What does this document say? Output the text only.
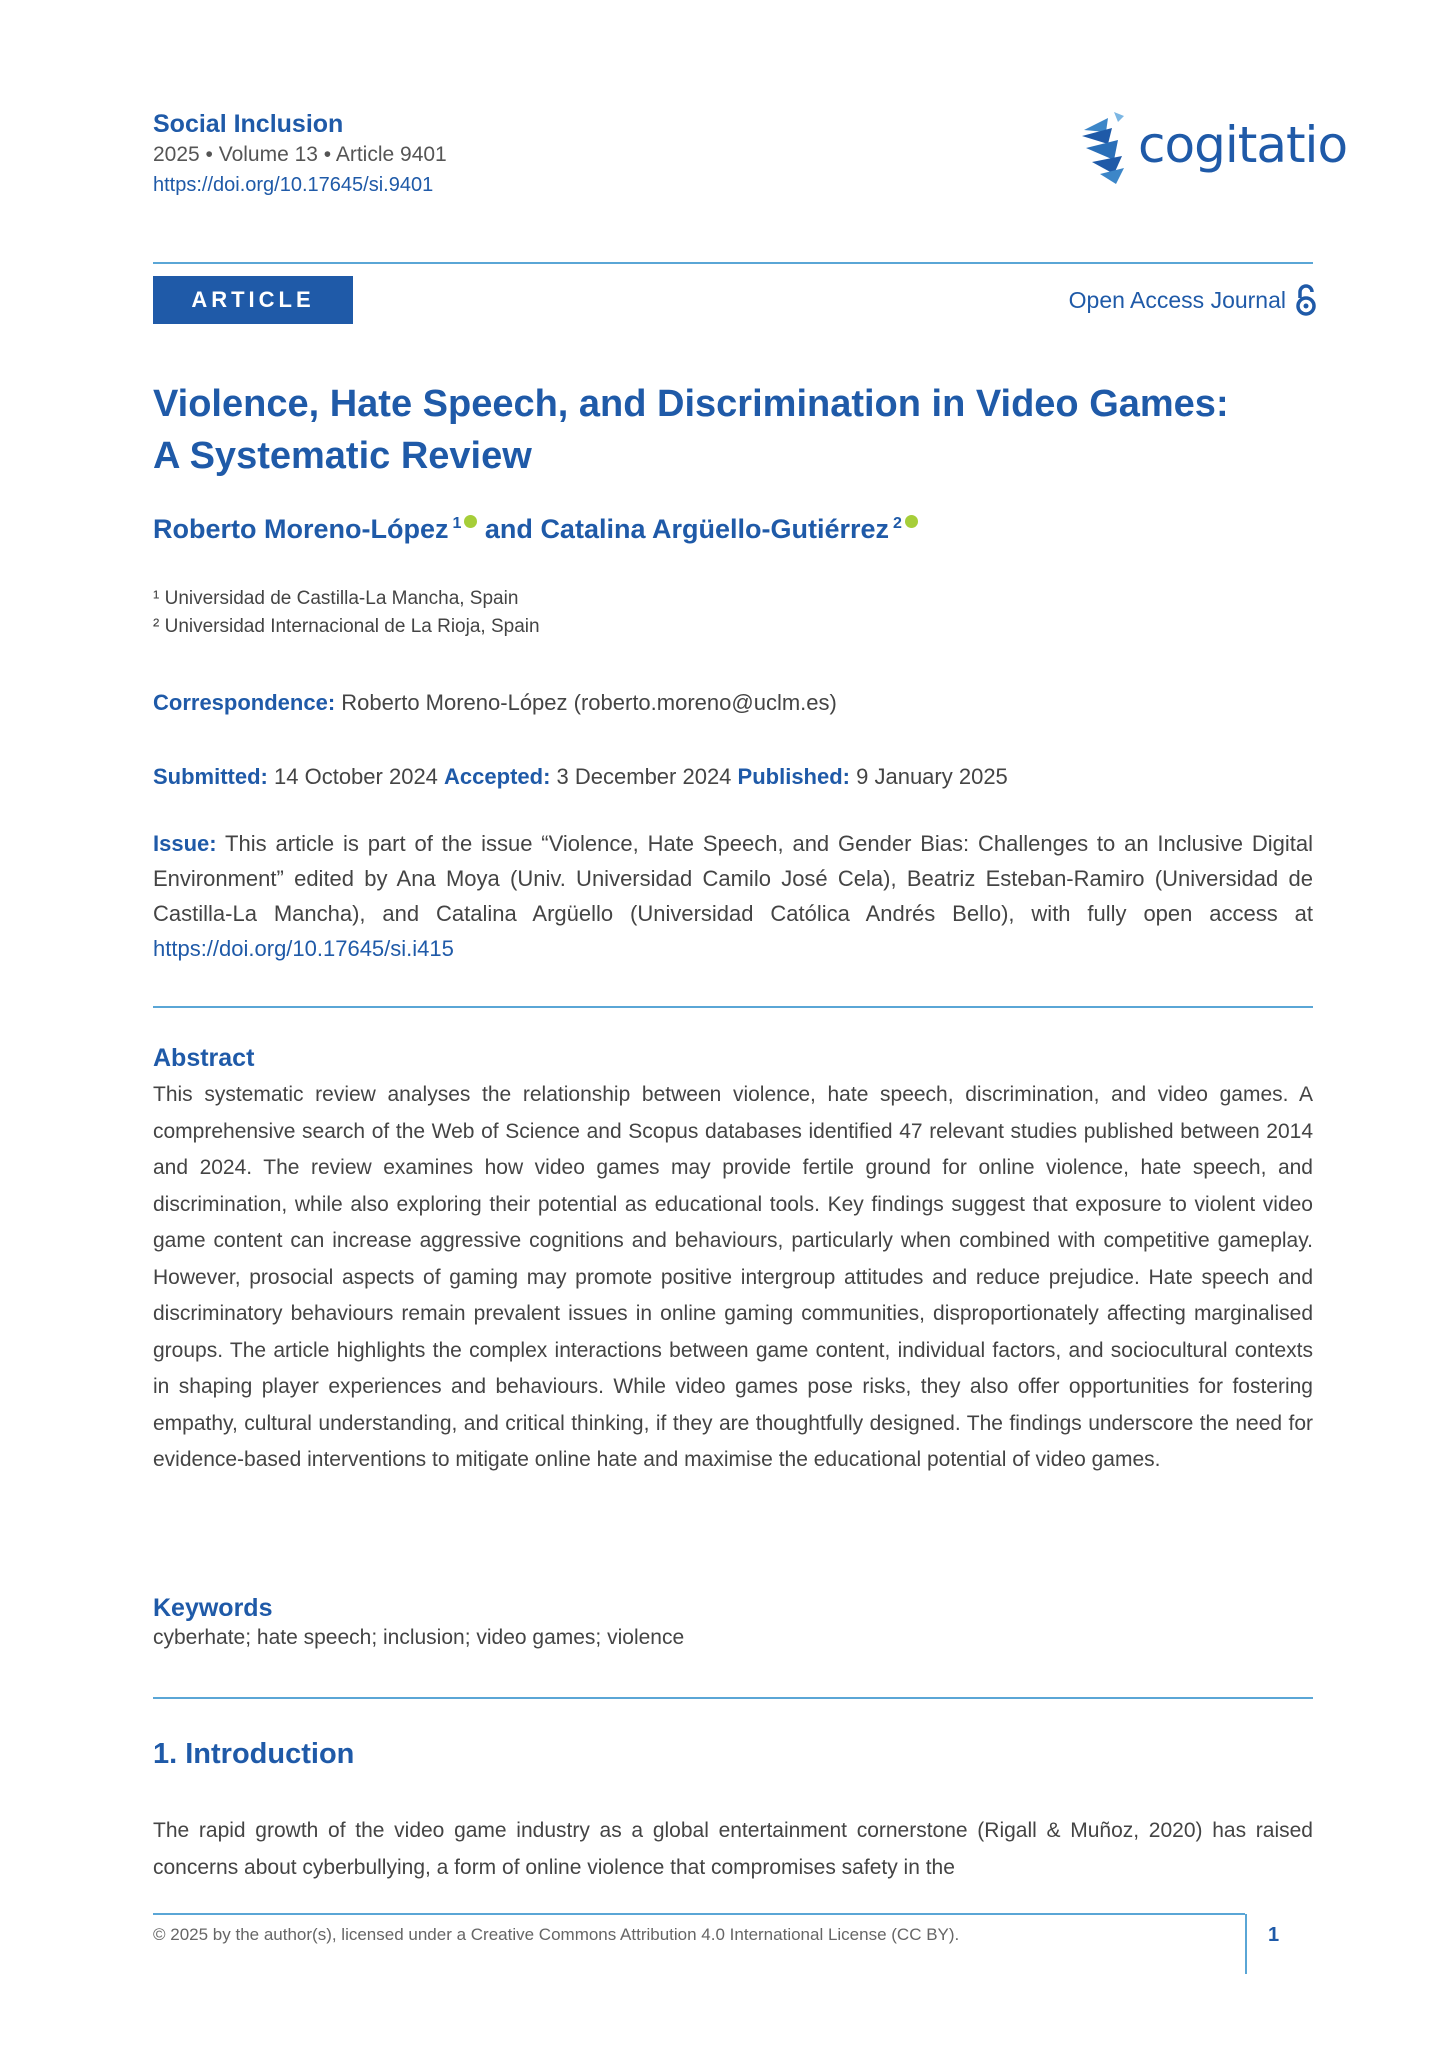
Social Inclusion
2025 • Volume 13 • Article 9401
https://doi.org/10.17645/si.9401
cogitatio
ARTICLE	Open Access Journal
Violence, Hate Speech, and Discrimination in Video Games:
A Systematic Review
Roberto Moreno-López $^1$ and Catalina Argüello-Gutiérrez $^2$
¹ Universidad de Castilla-La Mancha, Spain
² Universidad Internacional de La Rioja, Spain
Correspondence: Roberto Moreno-López (roberto.moreno@uclm.es)
Submitted: 14 October 2024 Accepted: 3 December 2024 Published: 9 January 2025
Issue: This article is part of the issue “Violence, Hate Speech, and Gender Bias: Challenges to an Inclusive Digital Environment” edited by Ana Moya (Univ. Universidad Camilo José Cela), Beatriz Esteban-Ramiro (Universidad de Castilla-La Mancha), and Catalina Argüello (Universidad Católica Andrés Bello), with fully open access at https://doi.org/10.17645/si.i415
Abstract
This systematic review analyses the relationship between violence, hate speech, discrimination, and video games. A comprehensive search of the Web of Science and Scopus databases identified 47 relevant studies published between 2014 and 2024. The review examines how video games may provide fertile ground for online violence, hate speech, and discrimination, while also exploring their potential as educational tools. Key findings suggest that exposure to violent video game content can increase aggressive cognitions and behaviours, particularly when combined with competitive gameplay. However, prosocial aspects of gaming may promote positive intergroup attitudes and reduce prejudice. Hate speech and discriminatory behaviours remain prevalent issues in online gaming communities, disproportionately affecting marginalised groups. The article highlights the complex interactions between game content, individual factors, and sociocultural contexts in shaping player experiences and behaviours. While video games pose risks, they also offer opportunities for fostering empathy, cultural understanding, and critical thinking, if they are thoughtfully designed. The findings underscore the need for evidence-based interventions to mitigate online hate and maximise the educational potential of video games.
Keywords
cyberhate; hate speech; inclusion; video games; violence
1. Introduction
The rapid growth of the video game industry as a global entertainment cornerstone (Rigall & Muñoz, 2020) has raised concerns about cyberbullying, a form of online violence that compromises safety in the
© 2025 by the author(s), licensed under a Creative Commons Attribution 4.0 International License (CC BY).	1
